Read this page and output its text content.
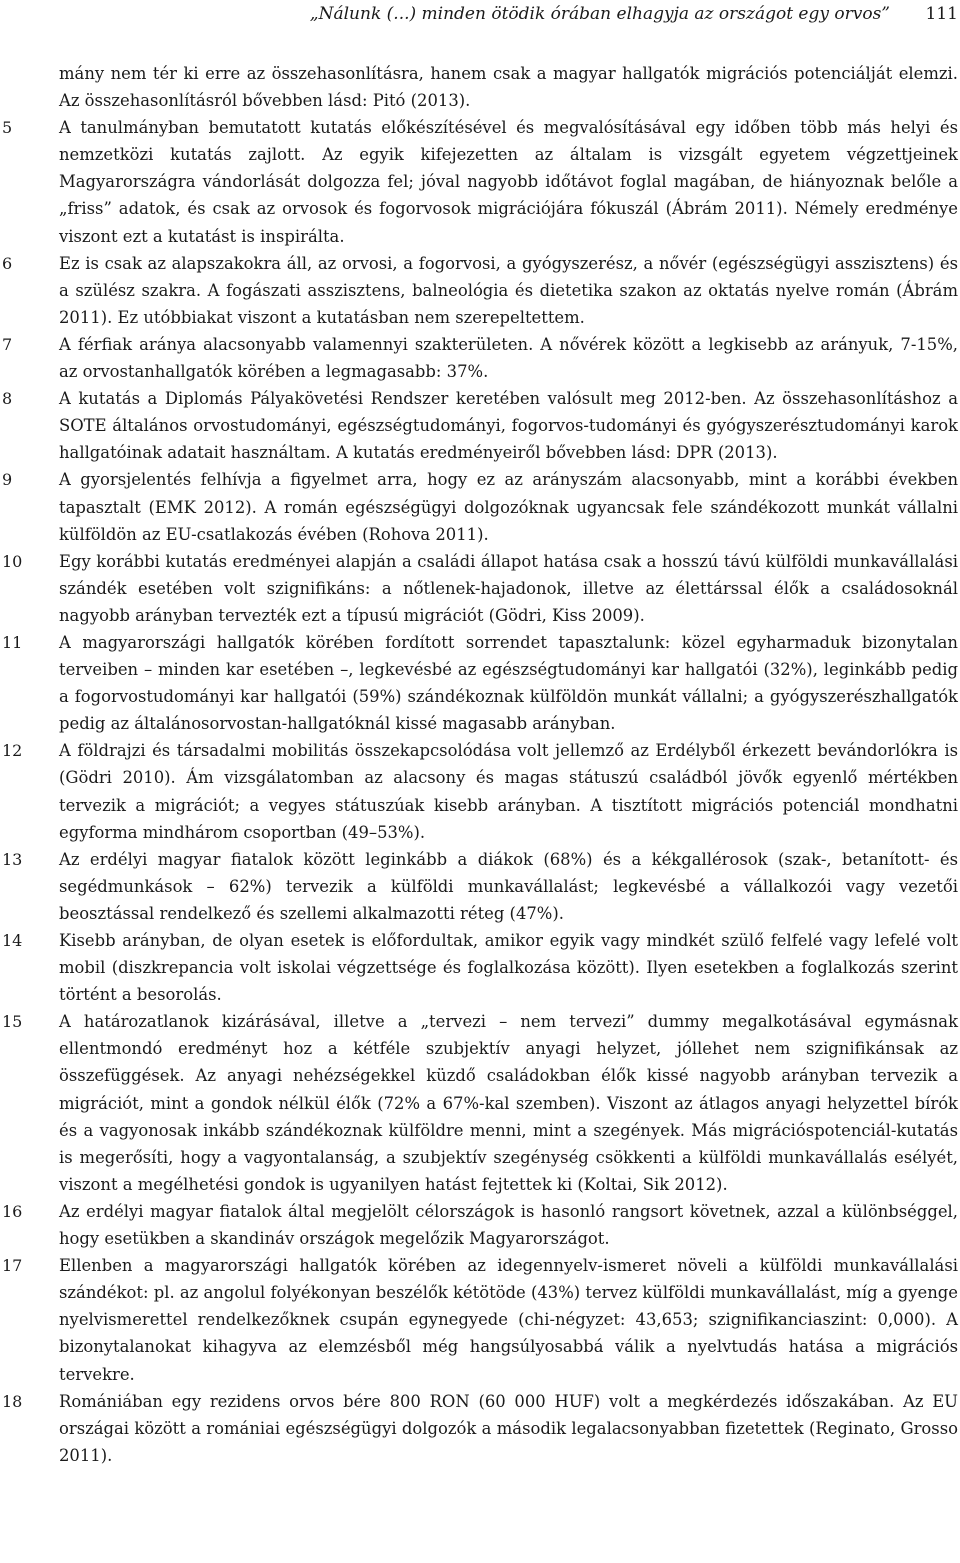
„Nálunk (...) minden ötödik órában elhagyja az országot egy orvos” 111
mány nem tér ki erre az összehasonlításra, hanem csak a magyar hallgatók migrációs potenciálját elemzi. Az összehasonlításról bővebben lásd: Pitó (2013).
5	A tanulmányban bemutatott kutatás előkészítésével és megvalósításával egy időben több más helyi és nemzetközi kutatás zajlott. Az egyik kifejezetten az általam is vizsgált egyetem végzettjeinek Magyarországra vándorlását dolgozza fel; jóval nagyobb időtávot foglal magában, de hiányoznak belőle a „friss” adatok, és csak az orvosok és fogorvosok migrációjára fókuszál (Ábrám 2011). Némely eredménye viszont ezt a kutatást is inspirálta.
6	Ez is csak az alapszakokra áll, az orvosi, a fogorvosi, a gyógyszerész, a nővér (egészségügyi asszisztens) és a szülész szakra. A fogászati asszisztens, balneológia és dietetika szakon az oktatás nyelve román (Ábrám 2011). Ez utóbbiakat viszont a kutatásban nem szerepeltettem.
7	A férfiak aránya alacsonyabb valamennyi szakterületen. A nővérek között a legkisebb az arányuk, 7-15%, az orvostanhallgatók körében a legmagasabb: 37%.
8	A kutatás a Diplomás Pályakövetési Rendszer keretében valósult meg 2012-ben. Az összehasonlításhoz a SOTE általános orvostudományi, egészségtudományi, fogorvos-tudományi és gyógyszerésztudományi karok hallgatóinak adatait használtam. A kutatás eredményeiről bővebben lásd: DPR (2013).
9	A gyorsjelentés felhívja a figyelmet arra, hogy ez az arányszám alacsonyabb, mint a korábbi években tapasztalt (EMK 2012). A román egészségügyi dolgozóknak ugyancsak fele szándékozott munkát vállalni külföldön az EU-csatlakozás évében (Rohova 2011).
10 Egy korábbi kutatás eredményei alapján a családi állapot hatása csak a hosszú távú külföldi munkavállalási szándék esetében volt szignifikáns: a nőtlenek-hajadonok, illetve az élettárssal élők a családosoknál nagyobb arányban tervezték ezt a típusú migrációt (Gödri, Kiss 2009).
11 A magyarországi hallgatók körében fordított sorrendet tapasztalunk: közel egyharmaduk bizonytalan terveiben – minden kar esetében –, legkevésbé az egészségtudományi kar hallgatói (32%), leginkább pedig a fogorvostudományi kar hallgatói (59%) szándékoznak külföldön munkát vállalni; a gyógyszerészhallgatók pedig az általánosorvostan-hallgatóknál kissé magasabb arányban.
12 A földrajzi és társadalmi mobilitás összekapcsolódása volt jellemző az Erdélyből érkezett bevándorlókra is (Gödri 2010). Ám vizsgálatomban az alacsony és magas státuszú családból jövők egyenlő mértékben tervezik a migrációt; a vegyes státuszúak kisebb arányban. A tisztított migrációs potenciál mondhatni egyforma mindhárom csoportban (49–53%).
13 Az erdélyi magyar fiatalok között leginkább a diákok (68%) és a kékgallérosok (szak-, betanított- és segédmunkások – 62%) tervezik a külföldi munkavállalást; legkevésbé a vállalkozói vagy vezetői beosztással rendelkező és szellemi alkalmazotti réteg (47%).
14 Kisebb arányban, de olyan esetek is előfordultak, amikor egyik vagy mindkét szülő felfelé vagy lefelé volt mobil (diszkrepancia volt iskolai végzettsége és foglalkozása között). Ilyen esetekben a foglalkozás szerint történt a besorolás.
15 A határozatlanok kizárásával, illetve a „tervezi – nem tervezi” dummy megalkotásával egymásnak ellentmondó eredményt hoz a kétféle szubjektív anyagi helyzet, jóllehet nem szignifikánsak az összefüggések. Az anyagi nehézségekkel küzdő családokban élők kissé nagyobb arányban tervezik a migrációt, mint a gondok nélkül élők (72% a 67%-kal szemben). Viszont az átlagos anyagi helyzettel bírók és a vagyonosak inkább szándékoznak külföldre menni, mint a szegények. Más migrációspotenciál-kutatás is megerősíti, hogy a vagyontalanság, a szubjektív szegénység csökkenti a külföldi munkavállalás esélyét, viszont a megélhetési gondok is ugyanilyen hatást fejtettek ki (Koltai, Sik 2012).
16 Az erdélyi magyar fiatalok által megjelölt célországok is hasonló rangsort követnek, azzal a különbséggel, hogy esetükben a skandináv országok megelőzik Magyarországot.
17 Ellenben a magyarországi hallgatók körében az idegennyelv-ismeret növeli a külföldi munkavállalási szándékot: pl. az angolul folyékonyan beszélők kétötöde (43%) tervez külföldi munkavállalást, míg a gyenge nyelvismerettel rendelkezőknek csupán egynegyede (chi-négyzet: 43,653; szignifikanciaszint: 0,000). A bizonytalanokat kihagyva az elemzésből még hangsúlyosabbá válik a nyelvtudás hatása a migrációs tervekre.
18 Romániában egy rezidens orvos bére 800 RON (60 000 HUF) volt a megkérdezés időszakában. Az EU országai között a romániai egészségügyi dolgozók a második legalacsonyabban fizetettek (Reginato, Grosso 2011).
